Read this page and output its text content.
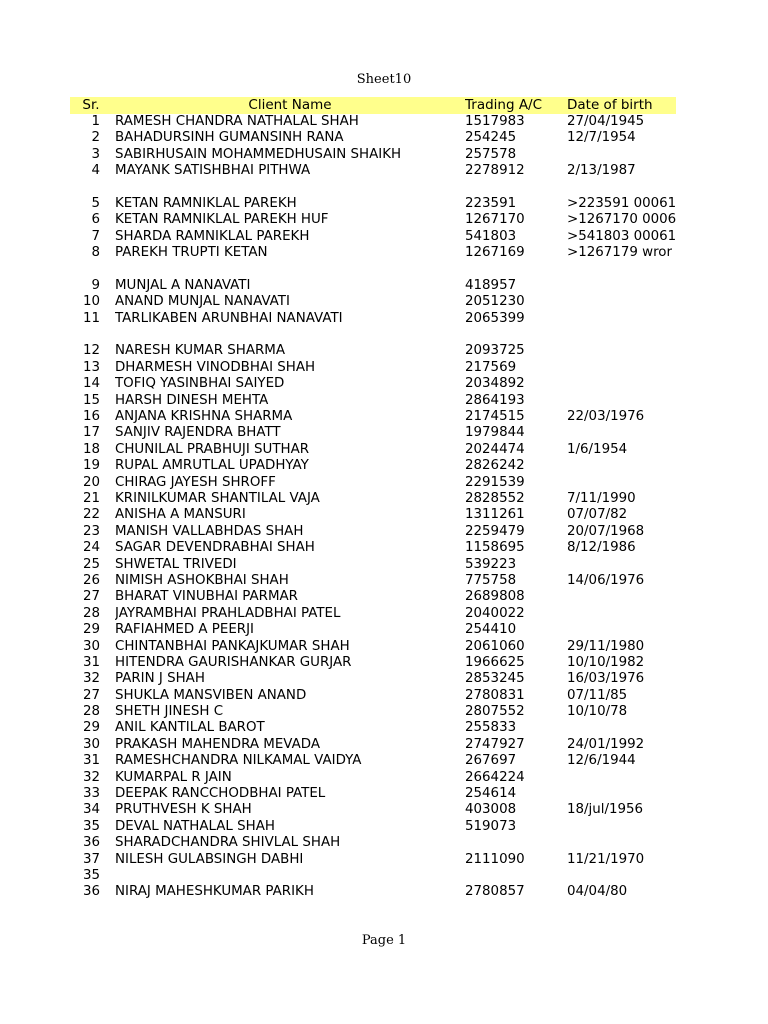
Sheet10
Sr.	Client Name	Trading A/C Date of birth
1 RAMESH CHANDRA NATHALAL SHAH	1517983	27/04/1945
2 BAHADURSINH GUMANSINH RANA	254245	12/7/1954
3 SABIRHUSAIN MOHAMMEDHUSAIN SHAIKH	257578
4 MAYANK SATISHBHAI PITHWA	2278912	2/13/1987
5 KETAN RAMNIKLAL PAREKH	223591	>223591 00061
6 KETAN RAMNIKLAL PAREKH HUF	1267170	>1267170 0006
7 SHARDA RAMNIKLAL PAREKH	541803	>541803 00061
8 PAREKH TRUPTI KETAN	1267169	>1267179 wror
9 MUNJAL A NANAVATI	418957
10 ANAND MUNJAL NANAVATI	2051230
11 TARLIKABEN ARUNBHAI NANAVATI	2065399
12 NARESH KUMAR SHARMA	2093725
13 DHARMESH VINODBHAI SHAH	217569
14 TOFIQ YASINBHAI SAIYED	2034892
15 HARSH DINESH MEHTA	2864193
16 ANJANA KRISHNA SHARMA	2174515	22/03/1976
17 SANJIV RAJENDRA BHATT	1979844
18 CHUNILAL PRABHUJI SUTHAR	2024474	1/6/1954
19 RUPAL AMRUTLAL UPADHYAY	2826242
20 CHIRAG JAYESH SHROFF	2291539
21 KRINILKUMAR SHANTILAL VAJA	2828552	7/11/1990
22 ANISHA A MANSURI	1311261	07/07/82
23 MANISH VALLABHDAS SHAH	2259479	20/07/1968
24 SAGAR DEVENDRABHAI SHAH	1158695	8/12/1986
25 SHWETAL TRIVEDI	539223
26 NIMISH ASHOKBHAI SHAH	775758	14/06/1976
27 BHARAT VINUBHAI PARMAR	2689808
28 JAYRAMBHAI PRAHLADBHAI PATEL	2040022
29 RAFIAHMED A PEERJI	254410
30 CHINTANBHAI PANKAJKUMAR SHAH	2061060	29/11/1980
31 HITENDRA GAURISHANKAR GURJAR	1966625	10/10/1982
32 PARIN J SHAH	2853245	16/03/1976
27 SHUKLA MANSVIBEN ANAND	2780831	07/11/85
28 SHETH JINESH C	2807552	10/10/78
29 ANIL KANTILAL BAROT	255833
30 PRAKASH MAHENDRA MEVADA	2747927	24/01/1992
31 RAMESHCHANDRA NILKAMAL VAIDYA	267697	12/6/1944
32 KUMARPAL R JAIN	2664224
33 DEEPAK RANCCHODBHAI PATEL	254614
34 PRUTHVESH K SHAH	403008	18/jul/1956
35 DEVAL NATHALAL SHAH	519073
36 SHARADCHANDRA SHIVLAL SHAH
37 NILESH GULABSINGH DABHI	2111090	11/21/1970
35
36 NIRAJ MAHESHKUMAR PARIKH	2780857	04/04/80
Page 1
